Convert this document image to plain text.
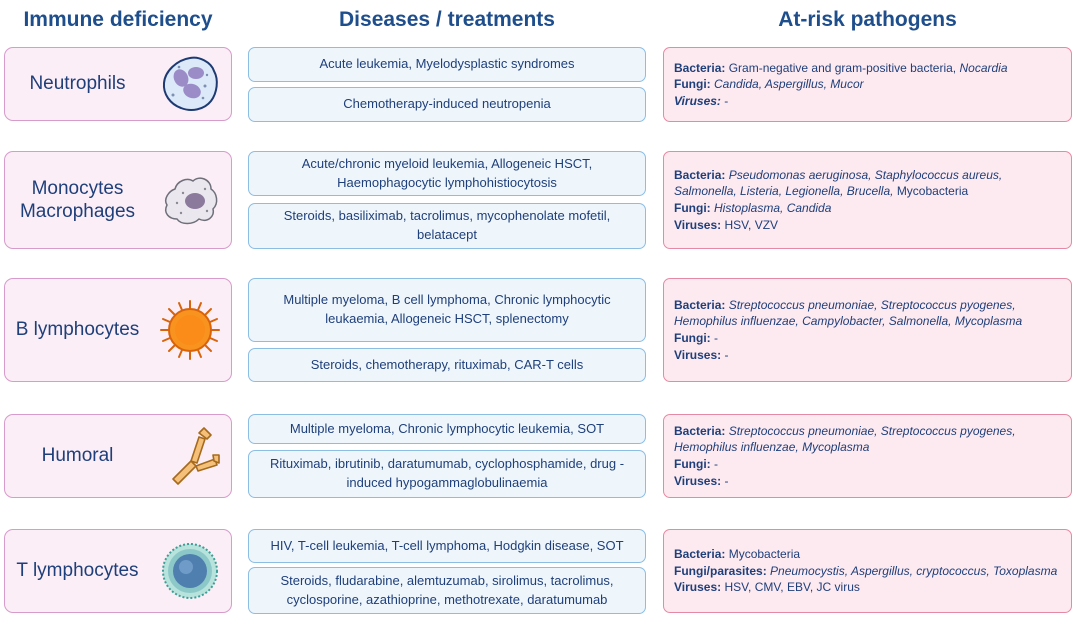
Immune deficiency	Diseases / treatments	At-risk pathogens
Neutrophils
Acute leukemia, Myelodysplastic syndromes
Chemotherapy-induced neutropenia
Bacteria: Gram-negative and gram-positive bacteria, Nocardia
Fungi: Candida, Aspergillus, Mucor
Viruses: -
Monocytes
Macrophages
Acute/chronic myeloid leukemia, Allogeneic HSCT, Haemophagocytic lymphohistiocytosis
Steroids, basiliximab, tacrolimus, mycophenolate mofetil, belatacept
Bacteria: Pseudomonas aeruginosa, Staphylococcus aureus, Salmonella, Listeria, Legionella, Brucella, Mycobacteria
Fungi: Histoplasma, Candida
Viruses: HSV, VZV
B lymphocytes
Multiple myeloma, B cell lymphoma, Chronic lymphocytic leukaemia, Allogeneic HSCT, splenectomy
Steroids, chemotherapy, rituximab, CAR-T cells
Bacteria: Streptococcus pneumoniae, Streptococcus pyogenes, Hemophilus influenzae, Campylobacter, Salmonella, Mycoplasma
Fungi: -
Viruses: -
Humoral
Multiple myeloma, Chronic lymphocytic leukemia, SOT
Rituximab, ibrutinib, daratumumab, cyclophosphamide, drug - induced hypogammaglobulinaemia
Bacteria: Streptococcus pneumoniae, Streptococcus pyogenes, Hemophilus influenzae, Mycoplasma
Fungi: -
Viruses: -
T lymphocytes
HIV, T-cell leukemia, T-cell lymphoma, Hodgkin disease, SOT
Steroids, fludarabine, alemtuzumab, sirolimus, tacrolimus, cyclosporine, azathioprine, methotrexate, daratumumab
Bacteria: Mycobacteria
Fungi/parasites: Pneumocystis, Aspergillus, cryptococcus, Toxoplasma
Viruses: HSV, CMV, EBV, JC virus
